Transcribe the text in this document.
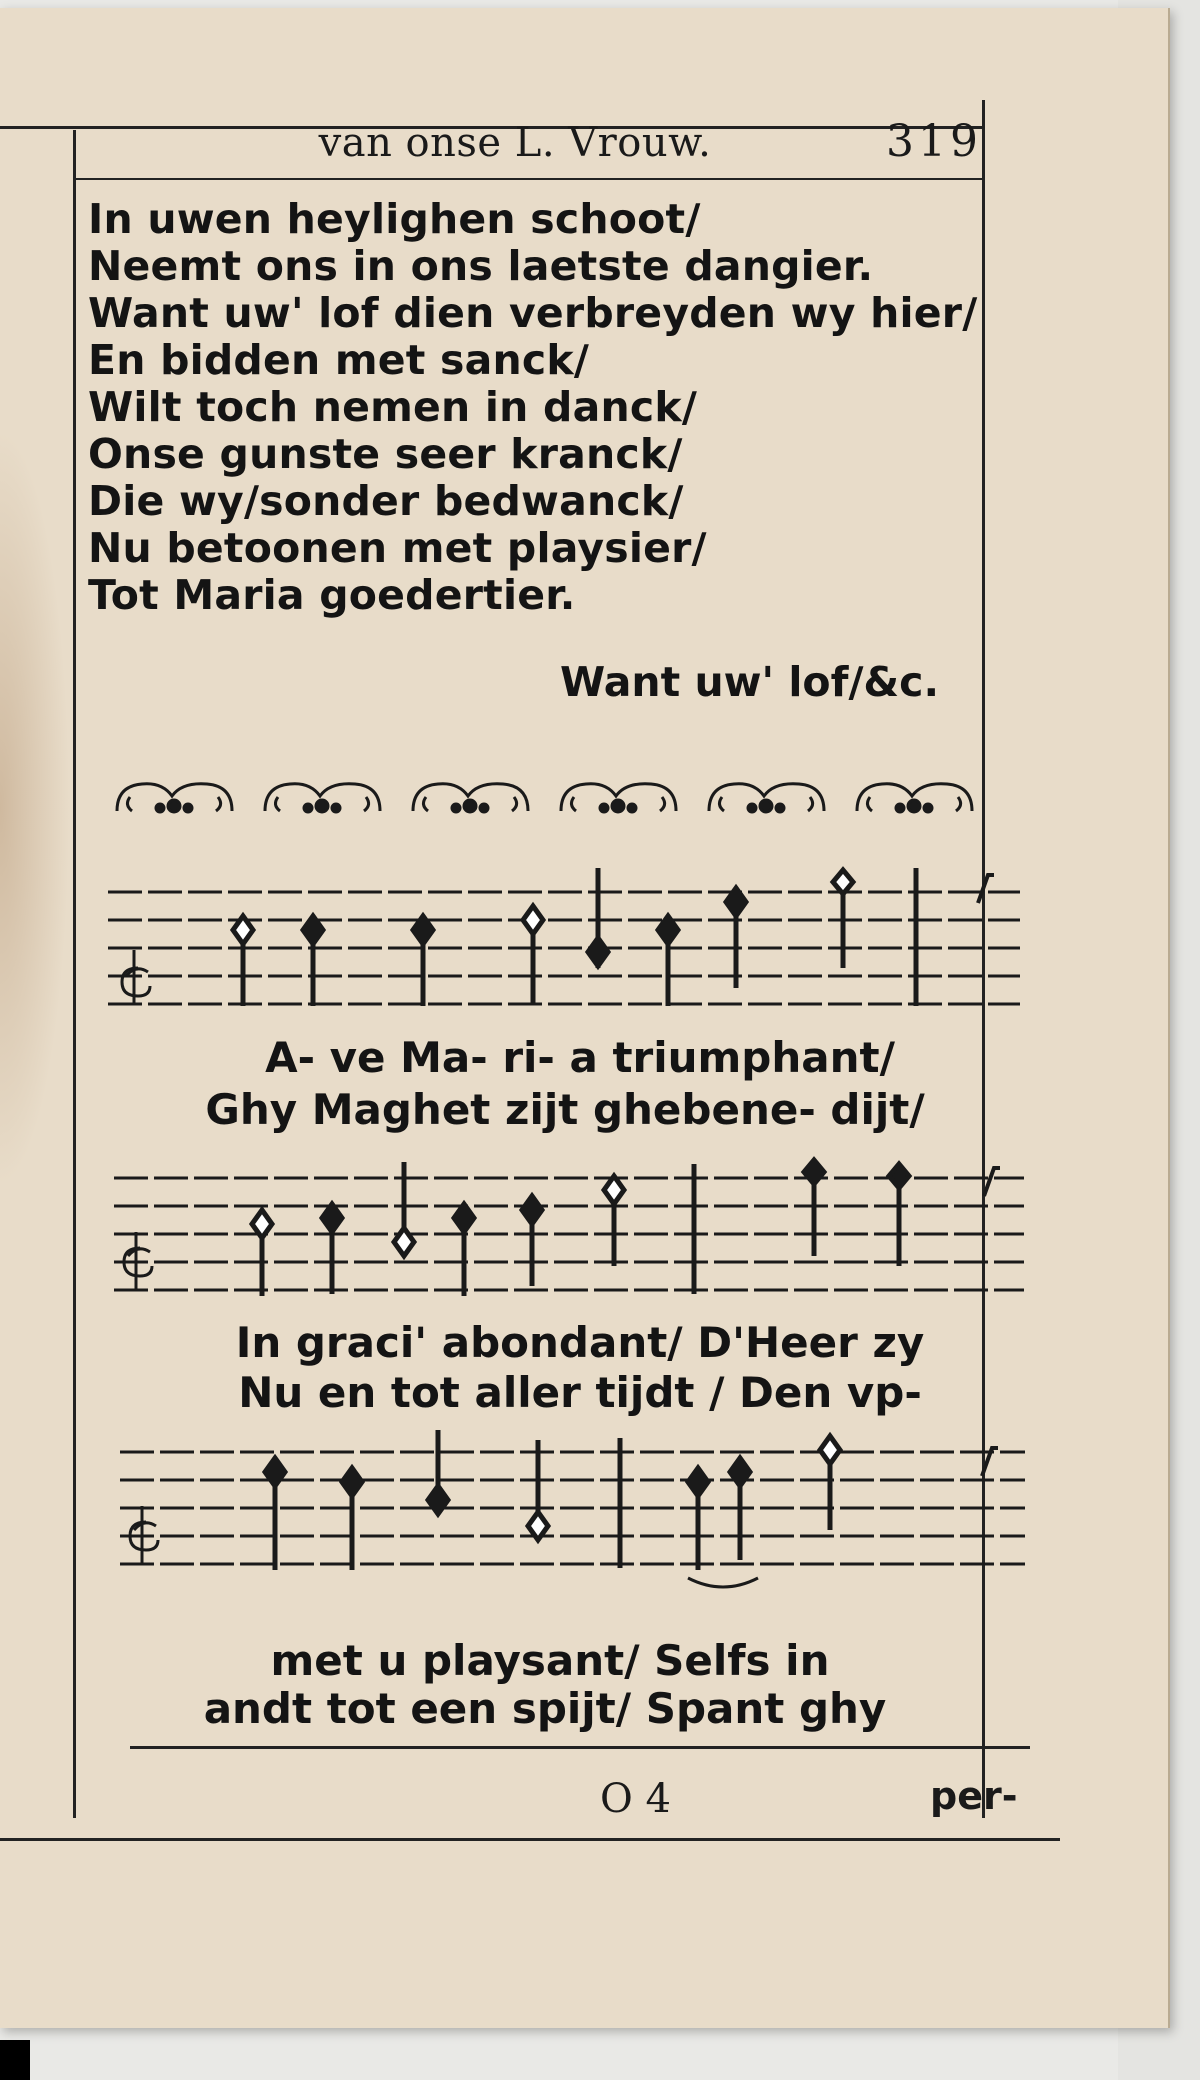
van onse L. Vrouw.	319
In uwen heylighen schoot/
Neemt ons in ons laetste dangier.
Want uw' lof dien verbreyden wy hier/
En bidden met sanck/
Wilt toch nemen in danck/
Onse gunste seer kranck/
Die wy/sonder bedwanck/
Nu betoonen met playsier/
Tot Maria goedertier.
Want uw' lof/&c.
A- ve Ma- ri- a triumphant/
Ghy Maghet zijt ghebene- dijt/
In graci' abondant/ D'Heer zy
Nu en tot aller tijdt / Den vp-
met u playsant/ Selfs in
andt tot een spijt/ Spant ghy
O 4	per-
